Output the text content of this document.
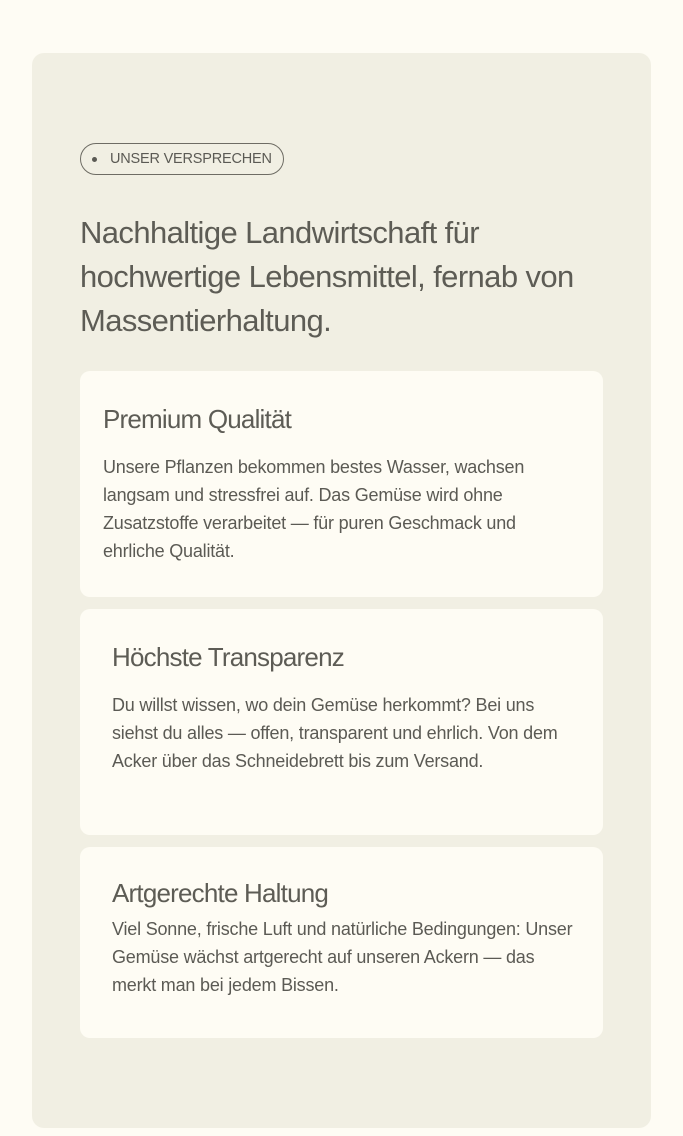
UNSER VERSPRECHEN
Nachhaltige Landwirtschaft für hochwertige Lebensmittel, fernab von Massentierhaltung.
Premium Qualität

Unsere Pflanzen bekommen bestes Wasser, wachsen langsam und stressfrei auf. Das Gemüse wird ohne Zusatzstoffe verarbeitet — für puren Geschmack und ehrliche Qualität.

Höchste Transparenz

Du willst wissen, wo dein Gemüse herkommt? Bei uns siehst du alles — offen, transparent und ehrlich. Von dem Acker über das Schneidebrett bis zum Versand.

Artgerechte Haltung

Viel Sonne, frische Luft und natürliche Bedingungen: Unser Gemüse wächst artgerecht auf unseren Ackern — das merkt man bei jedem Bissen.
